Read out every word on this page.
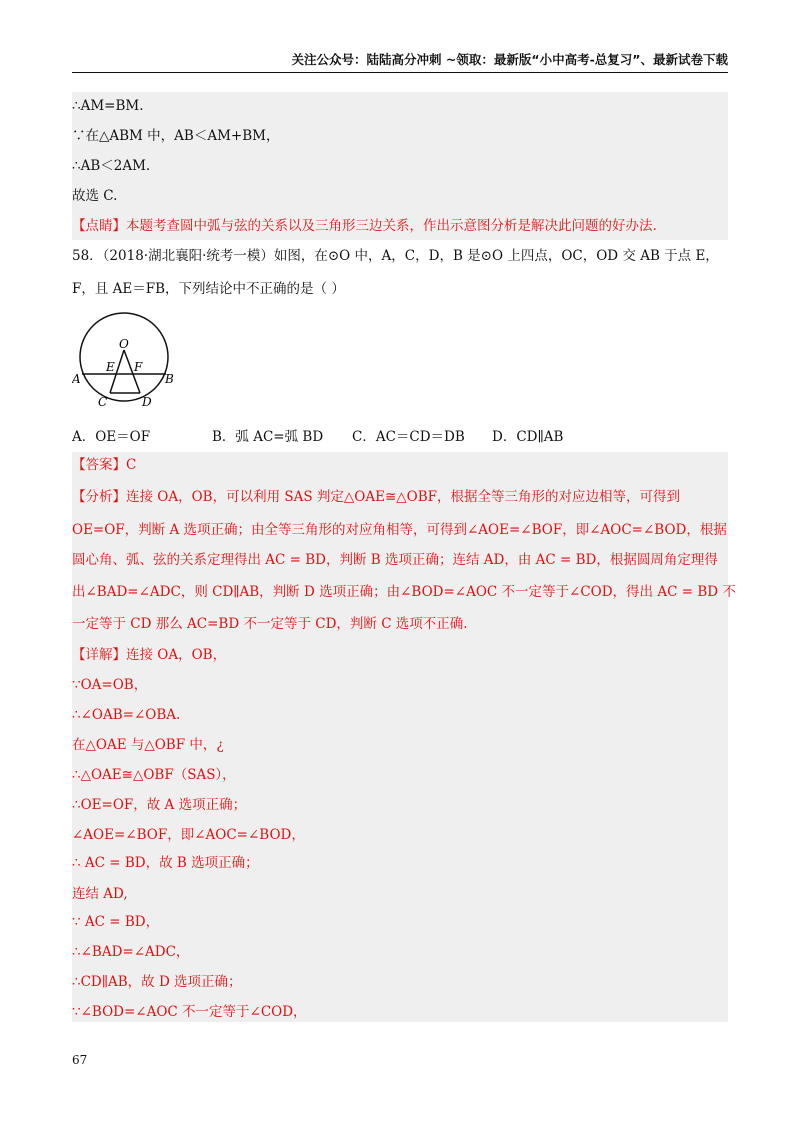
关注公众号：陆陆高分冲刺 ~领取：最新版“小中高考-总复习”、最新试卷下载
∴AM=BM.
∵在△ABM 中，AB＜AM+BM，
∴AB＜2AM.
故选 C.
【点睛】本题考查圆中弧与弦的关系以及三角形三边关系，作出示意图分析是解决此问题的好办法.
58．（2018·湖北襄阳·统考一模）如图，在⊙O 中，A，C，D，B 是⊙O 上四点，OC，OD 交 AB 于点 E，
F，且 AE＝FB，下列结论中不正确的是（ ）
O
E F
A	B
C	D
A．OE＝OF	B．弧 AC=弧 BD C．AC＝CD＝DB D．CD∥AB
【答案】C
【分析】连接 OA，OB，可以利用 SAS 判定△OAE≅△OBF，根据全等三角形的对应边相等，可得到
OE=OF，判断 A 选项正确；由全等三角形的对应角相等，可得到∠AOE=∠BOF，即∠AOC=∠BOD，根据
圆心角、弧、弦的关系定理得出 AC = BD，判断 B 选项正确；连结 AD，由 AC = BD，根据圆周角定理得
出∠BAD=∠ADC，则 CD∥AB，判断 D 选项正确；由∠BOD=∠AOC 不一定等于∠COD，得出 AC = BD 不
一定等于 CD 那么 AC=BD 不一定等于 CD，判断 C 选项不正确.
【详解】连接 OA，OB，
∵OA=OB，
∴∠OAB=∠OBA.
在△OAE 与△OBF 中，¿
∴△OAE≅△OBF（SAS），
∴OE=OF，故 A 选项正确；
∠AOE=∠BOF，即∠AOC=∠BOD，
∴ AC = BD，故 B 选项正确；
连结 AD,
∵ AC = BD，
∴∠BAD=∠ADC，
∴CD∥AB，故 D 选项正确；
∵∠BOD=∠AOC 不一定等于∠COD，
67
